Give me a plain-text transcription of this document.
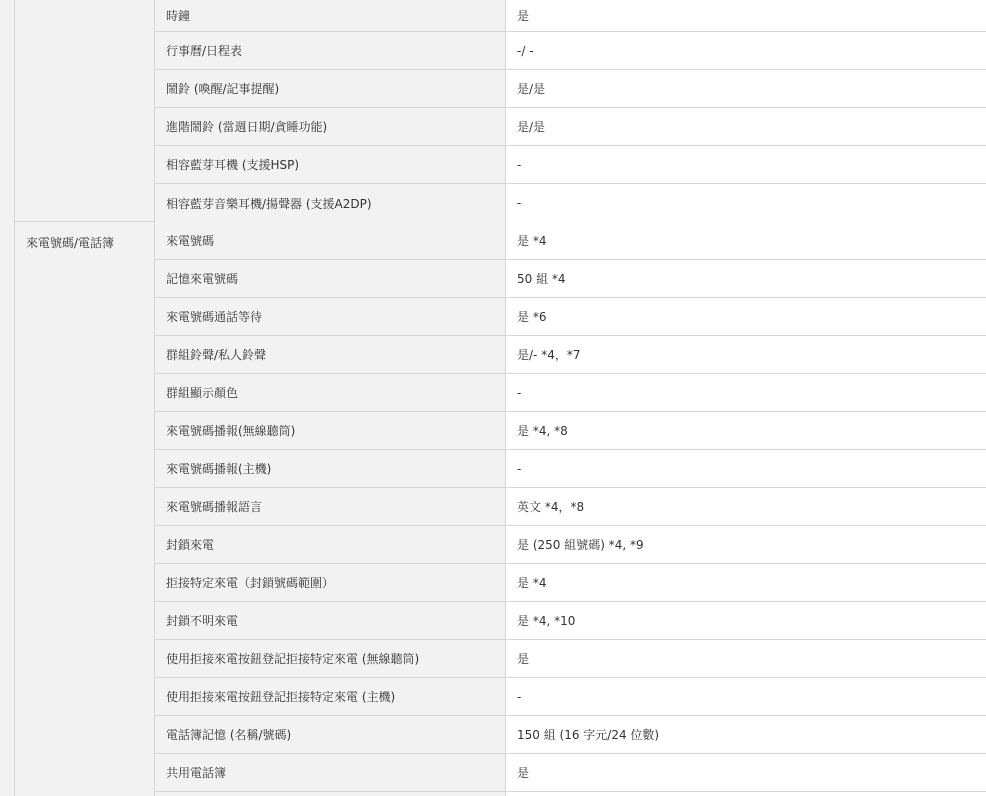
時鐘	是
行事曆/日程表	-/ -
鬧鈴 (喚醒/記事提醒)	是/是
進階鬧鈴 (當週日期/貪睡功能)	是/是
相容藍芽耳機 (支援HSP)	-
相容藍芽音樂耳機/揚聲器 (支援A2DP)	-
來電號碼/電話簿	來電號碼	是 *4
記憶來電號碼	50 組 *4
來電號碼通話等待	是 *6
群組鈴聲/私人鈴聲	是/- *4，*7
群組顯示顏色	-
來電號碼播報(無線聽筒)	是 *4, *8
來電號碼播報(主機)	-
來電號碼播報語言	英文 *4，*8
封鎖來電	是 (250 組號碼) *4, *9
拒接特定來電（封鎖號碼範圍）	是 *4
封鎖不明來電	是 *4, *10
使用拒接來電按鈕登記拒接特定來電 (無線聽筒)	是
使用拒接來電按鈕登記拒接特定來電 (主機)	-
電話簿記憶 (名稱/號碼)	150 組 (16 字元/24 位數)
共用電話簿	是
